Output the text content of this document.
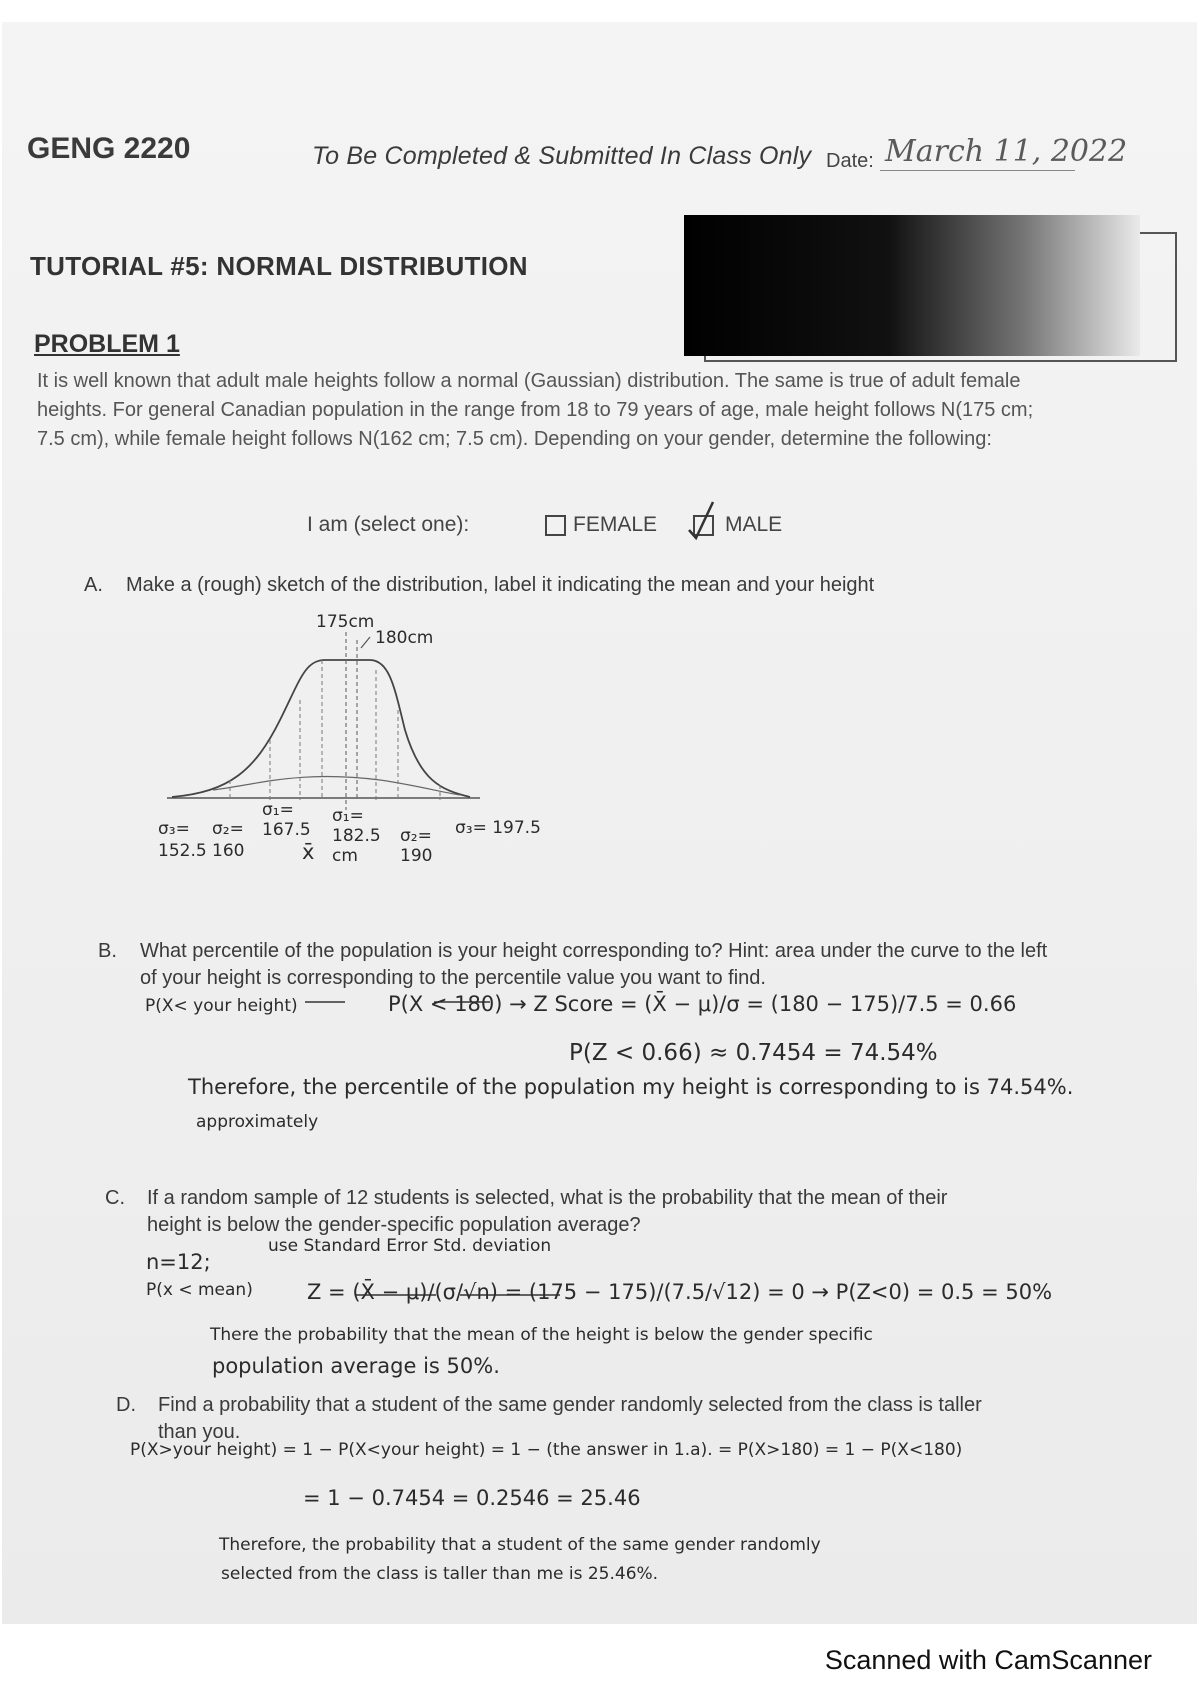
GENG 2220	To Be Completed & Submitted In Class Only Date: March 11, 2022
TUTORIAL #5: NORMAL DISTRIBUTION
PROBLEM 1
It is well known that adult male heights follow a normal (Gaussian) distribution. The same is true of adult female heights. For general Canadian population in the range from 18 to 79 years of age, male height follows N(175 cm; 7.5 cm), while female height follows N(162 cm; 7.5 cm). Depending on your gender, determine the following:
I am (select one):	FEMALE	MALE
A.	Make a (rough) sketch of the distribution, label it indicating the mean and your height
175cm
180cm
σ₃= 152.5
σ₂= 160
σ₁= 167.5
x̄
σ₁= 182.5 cm
σ₂= 190
σ₃= 197.5
B.	What percentile of the population is your height corresponding to? Hint: area under the curve to the left of your height is corresponding to the percentile value you want to find.
P(X< your height)	P(X < 180) → Z Score = (X̄ − μ)/σ = (180 − 175)/7.5 = 0.66
P(Z < 0.66) ≈ 0.7454 = 74.54%
Therefore, the percentile of the population my height is corresponding to is 74.54%.
approximately
C.	If a random sample of 12 students is selected, what is the probability that the mean of their height is below the gender-specific population average?
use Standard Error Std. deviation
n=12;
P(x < mean)	Z = (X̄ − μ)/(σ/√n) = (175 − 175)/(7.5/√12) = 0 → P(Z<0) = 0.5 = 50%
There the probability that the mean of the height is below the gender specific
population average is 50%.
D.	Find a probability that a student of the same gender randomly selected from the class is taller than you.
P(X>your height) = 1 − P(X<your height) = 1 − (the answer in 1.a). = P(X>180) = 1 − P(X<180)
= 1 − 0.7454 = 0.2546 = 25.46
Therefore, the probability that a student of the same gender randomly
selected from the class is taller than me is 25.46%.
Scanned with CamScanner
